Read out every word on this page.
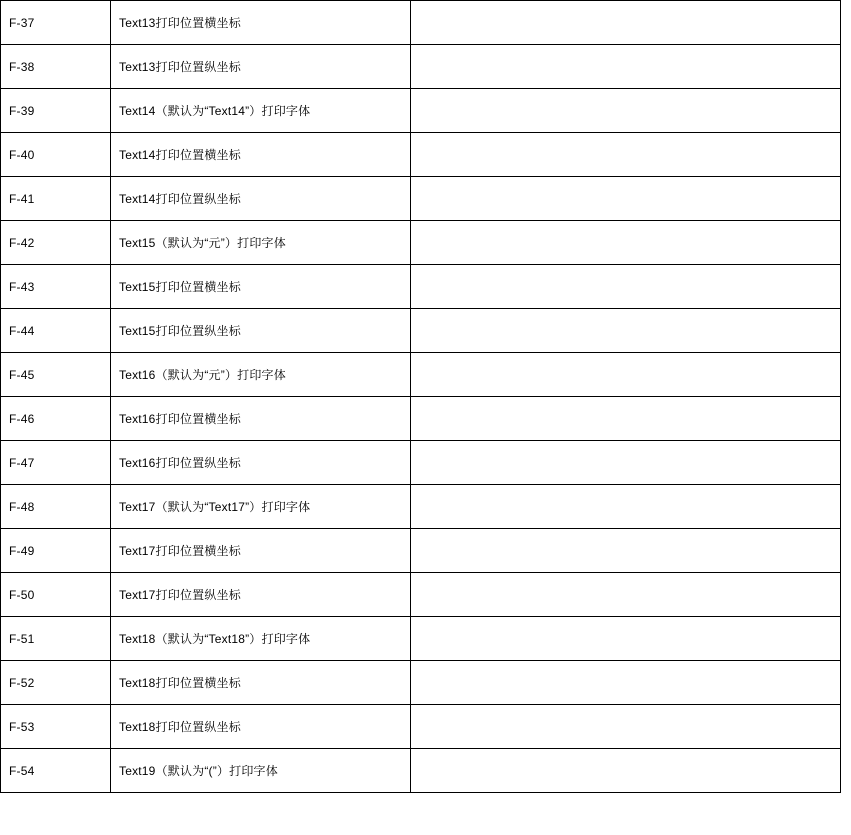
F-37	Text13打印位置横坐标	

F-38	Text13打印位置纵坐标	

F-39	Text14（默认为“Text14”）打印字体	

F-40	Text14打印位置横坐标	

F-41	Text14打印位置纵坐标	

F-42	Text15（默认为“元”）打印字体	

F-43	Text15打印位置横坐标	

F-44	Text15打印位置纵坐标	

F-45	Text16（默认为“元”）打印字体	

F-46	Text16打印位置横坐标	

F-47	Text16打印位置纵坐标	

F-48	Text17（默认为“Text17”）打印字体	

F-49	Text17打印位置横坐标	

F-50	Text17打印位置纵坐标	

F-51	Text18（默认为“Text18”）打印字体	

F-52	Text18打印位置横坐标	

F-53	Text18打印位置纵坐标	

F-54	Text19（默认为“(”）打印字体	
